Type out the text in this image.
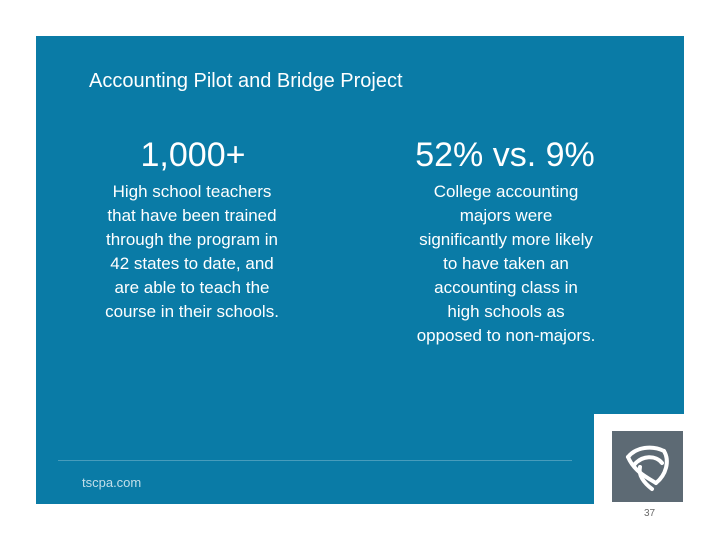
Accounting Pilot and Bridge Project
1,000+
High school teachers
that have been trained
through the program in
42 states to date, and
are able to teach the
course in their schools.
52% vs. 9%
College accounting
majors were
significantly more likely
to have taken an
accounting class in
high schools as
opposed to non-majors.
tscpa.com
37
